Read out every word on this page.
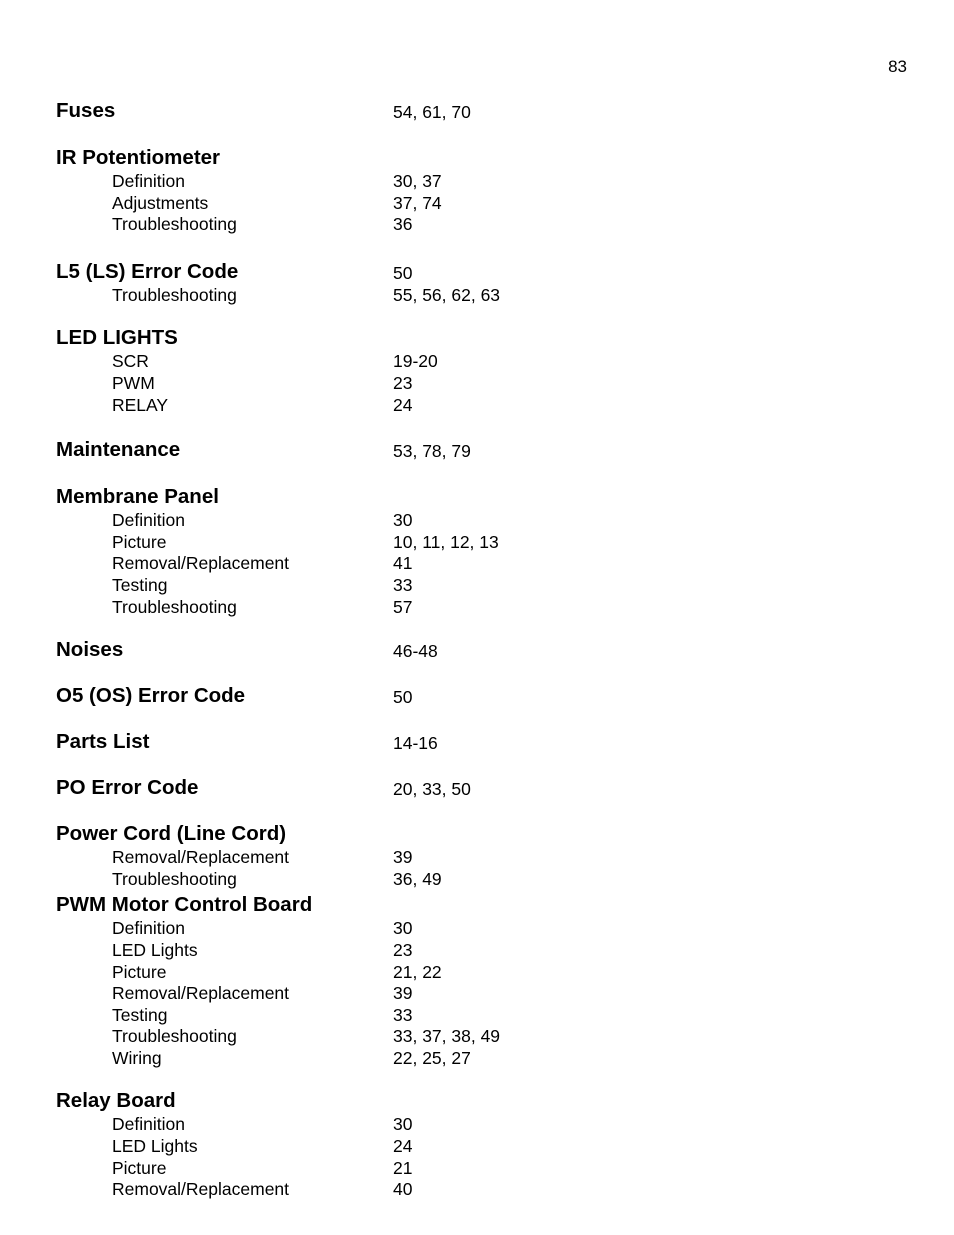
83
Fuses	54, 61, 70
IR Potentiometer
Definition	30, 37
Adjustments	37, 74
Troubleshooting	36
L5 (LS) Error Code	50
Troubleshooting	55, 56, 62, 63
LED LIGHTS
SCR	19-20
PWM	23
RELAY	24
Maintenance	53, 78, 79
Membrane Panel
Definition	30
Picture	10, 11, 12, 13
Removal/Replacement	41
Testing	33
Troubleshooting	57
Noises	46-48
O5 (OS) Error Code	50
Parts List	14-16
PO Error Code	20, 33, 50
Power Cord (Line Cord)
Removal/Replacement	39
Troubleshooting	36, 49
PWM Motor Control Board
Definition	30
LED Lights	23
Picture	21, 22
Removal/Replacement	39
Testing	33
Troubleshooting	33, 37, 38, 49
Wiring	22, 25, 27
Relay Board
Definition	30
LED Lights	24
Picture	21
Removal/Replacement	40
